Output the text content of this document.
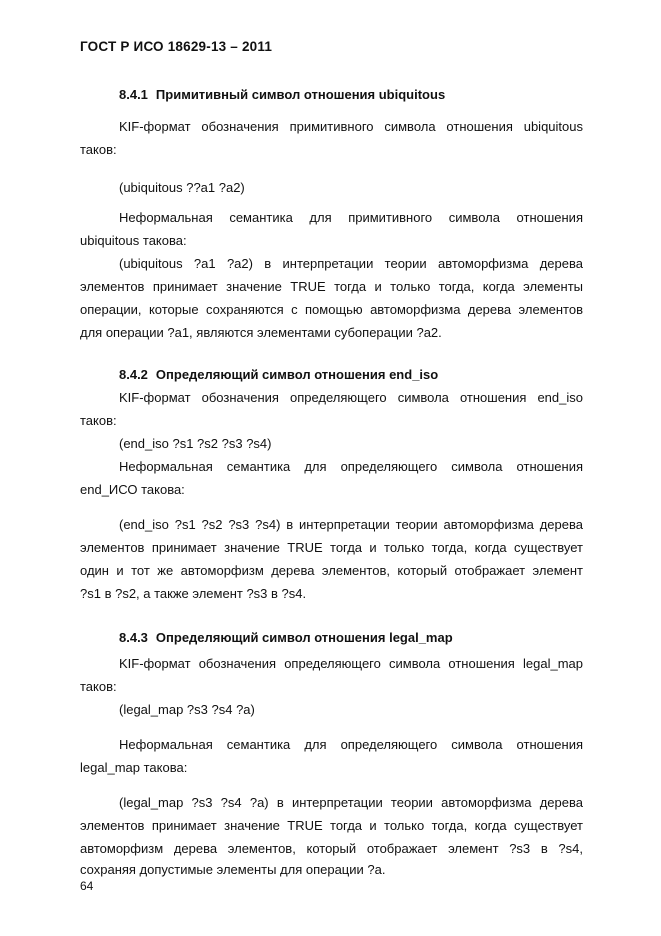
ГОСТ Р ИСО 18629-13 – 2011
8.4.1 Примитивный символ отношения ubiquitous
KIF-формат обозначения примитивного символа отношения ubiquitous
таков:
(ubiquitous ??a1 ?a2)
Неформальная семантика для примитивного символа отношения
ubiquitous такова:
(ubiquitous ?a1 ?a2) в интерпретации теории автоморфизма дерева
элементов принимает значение TRUE тогда и только тогда, когда элементы
операции, которые сохраняются с помощью автоморфизма дерева элементов
для операции ?a1, являются элементами субоперации ?a2.
8.4.2 Определяющий символ отношения end_iso
KIF-формат обозначения определяющего символа отношения end_iso
таков:
(end_iso ?s1 ?s2 ?s3 ?s4)
Неформальная семантика для определяющего символа отношения
end_ИСО такова:
(end_iso ?s1 ?s2 ?s3 ?s4) в интерпретации теории автоморфизма дерева
элементов принимает значение TRUE тогда и только тогда, когда существует
один и тот же автоморфизм дерева элементов, который отображает элемент
?s1 в ?s2, а также элемент ?s3 в ?s4.
8.4.3 Определяющий символ отношения legal_map
KIF-формат обозначения определяющего символа отношения legal_map
таков:
(legal_map ?s3 ?s4 ?a)
Неформальная семантика для определяющего символа отношения
legal_map такова:
(legal_map ?s3 ?s4 ?a) в интерпретации теории автоморфизма дерева
элементов принимает значение TRUE тогда и только тогда, когда существует
автоморфизм дерева элементов, который отображает элемент ?s3 в ?s4,
сохраняя допустимые элементы для операции ?a.
64
